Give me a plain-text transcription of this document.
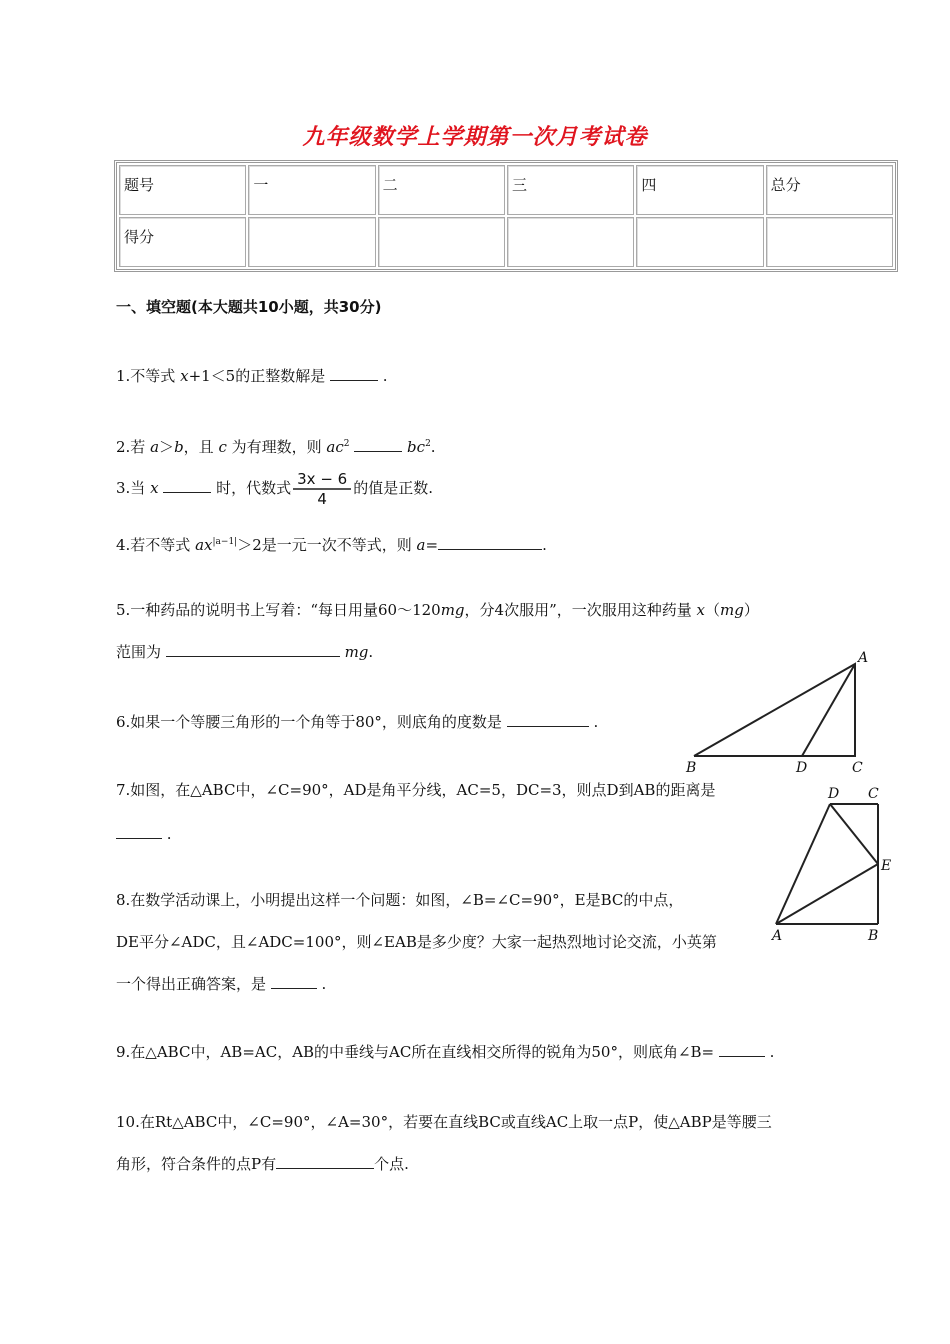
九年级数学上学期第一次月考试卷
题号	一	二	三	四	总分
得分					
一、填空题(本大题共10小题，共30分)
1.不等式 x+1＜5的正整数解是	.
2.若 a＞b，且 c 为有理数，则 $ac^2$	$bc^2$.
3.当 x	时，代数式 $\frac{3x - 6}{4}$ 的值是正数.
4.若不等式 $ax^{|a-1|}>2$是一元一次不等式，则 a=	.
5.一种药品的说明书上写着：“每日用量60～120mg，分4次服用”，一次服用这种药量 x（mg）
范围为	mg.
6.如果一个等腰三角形的一个角等于80°，则底角的度数是	.
A
B	D	C
7.如图，在△ABC中，∠C=90°，AD是角平分线，AC=5，DC=3，则点D到AB的距离是
.
D C
E
A	B
8.在数学活动课上，小明提出这样一个问题：如图，∠B=∠C=90°，E是BC的中点，
DE平分∠ADC，且∠ADC=100°，则∠EAB是多少度？大家一起热烈地讨论交流，小英第
一个得出正确答案，是	.
9.在△ABC中，AB=AC，AB的中垂线与AC所在直线相交所得的锐角为50°，则底角∠B=	.
10.在Rt△ABC中，∠C=90°，∠A=30°，若要在直线BC或直线AC上取一点P，使△ABP是等腰三
角形，符合条件的点P有	个点.
